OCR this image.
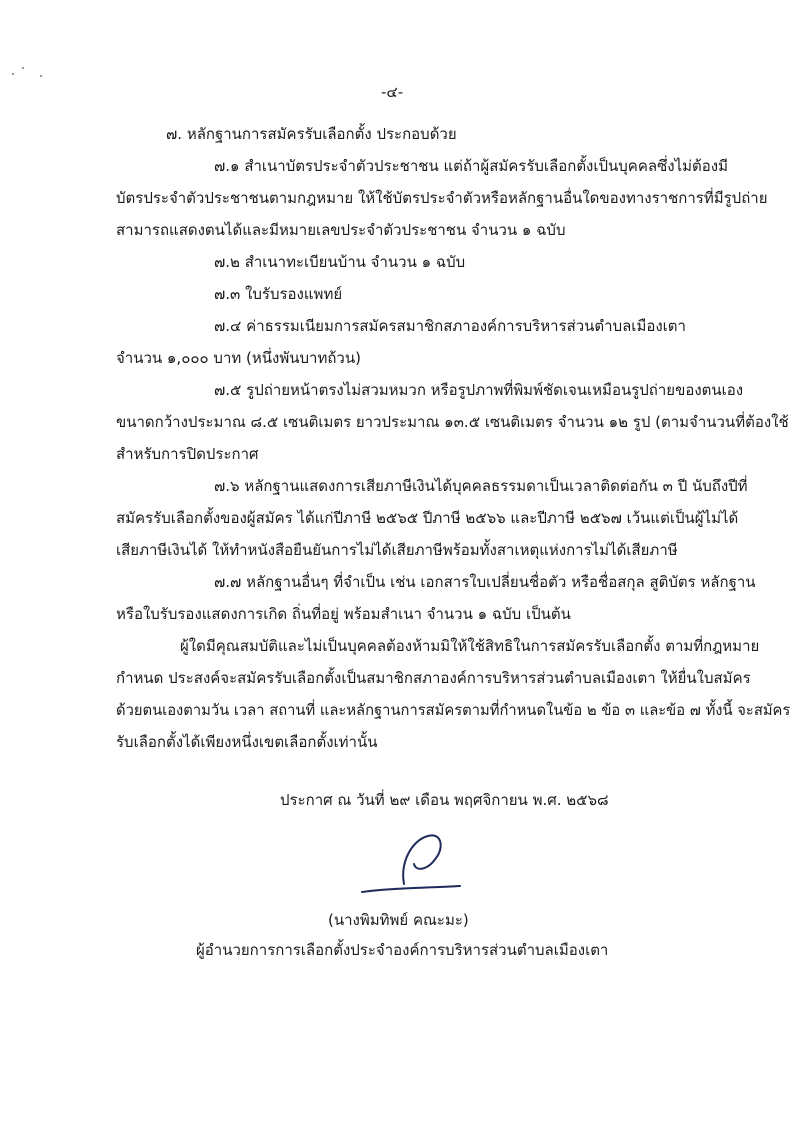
-๔-
๗. หลักฐานการสมัครรับเลือกตั้ง ประกอบด้วย
๗.๑ สำเนาบัตรประจำตัวประชาชน แต่ถ้าผู้สมัครรับเลือกตั้งเป็นบุคคลซึ่งไม่ต้องมี
บัตรประจำตัวประชาชนตามกฎหมาย ให้ใช้บัตรประจำตัวหรือหลักฐานอื่นใดของทางราชการที่มีรูปถ่าย
สามารถแสดงตนได้และมีหมายเลขประจำตัวประชาชน จำนวน ๑ ฉบับ
๗.๒ สำเนาทะเบียนบ้าน จำนวน ๑ ฉบับ
๗.๓ ใบรับรองแพทย์
๗.๔ ค่าธรรมเนียมการสมัครสมาชิกสภาองค์การบริหารส่วนตำบลเมืองเตา
จำนวน ๑,๐๐๐ บาท (หนึ่งพันบาทถ้วน)
๗.๕ รูปถ่ายหน้าตรงไม่สวมหมวก หรือรูปภาพที่พิมพ์ชัดเจนเหมือนรูปถ่ายของตนเอง
ขนาดกว้างประมาณ ๘.๕ เซนติเมตร ยาวประมาณ ๑๓.๕ เซนติเมตร จำนวน ๑๒ รูป (ตามจำนวนที่ต้องใช้
สำหรับการปิดประกาศ
๗.๖ หลักฐานแสดงการเสียภาษีเงินได้บุคคลธรรมดาเป็นเวลาติดต่อกัน ๓ ปี นับถึงปีที่
สมัครรับเลือกตั้งของผู้สมัคร ได้แก่ปีภาษี ๒๕๖๕ ปีภาษี ๒๕๖๖ และปีภาษี ๒๕๖๗ เว้นแต่เป็นผู้ไม่ได้
เสียภาษีเงินได้ ให้ทำหนังสือยืนยันการไม่ได้เสียภาษีพร้อมทั้งสาเหตุแห่งการไม่ได้เสียภาษี
๗.๗ หลักฐานอื่นๆ ที่จำเป็น เช่น เอกสารใบเปลี่ยนชื่อตัว หรือชื่อสกุล สูติบัตร หลักฐาน
หรือใบรับรองแสดงการเกิด ถิ่นที่อยู่ พร้อมสำเนา จำนวน ๑ ฉบับ เป็นต้น
ผู้ใดมีคุณสมบัติและไม่เป็นบุคคลต้องห้ามมิให้ใช้สิทธิในการสมัครรับเลือกตั้ง ตามที่กฎหมาย
กำหนด ประสงค์จะสมัครรับเลือกตั้งเป็นสมาชิกสภาองค์การบริหารส่วนตำบลเมืองเตา ให้ยื่นใบสมัคร
ด้วยตนเองตามวัน เวลา สถานที่ และหลักฐานการสมัครตามที่กำหนดในข้อ ๒ ข้อ ๓ และข้อ ๗ ทั้งนี้ จะสมัคร
รับเลือกตั้งได้เพียงหนึ่งเขตเลือกตั้งเท่านั้น
ประกาศ ณ วันที่ ๒๙ เดือน พฤศจิกายน พ.ศ. ๒๕๖๘
(นางพิมทิพย์ คณะมะ)
ผู้อำนวยการการเลือกตั้งประจำองค์การบริหารส่วนตำบลเมืองเตา
